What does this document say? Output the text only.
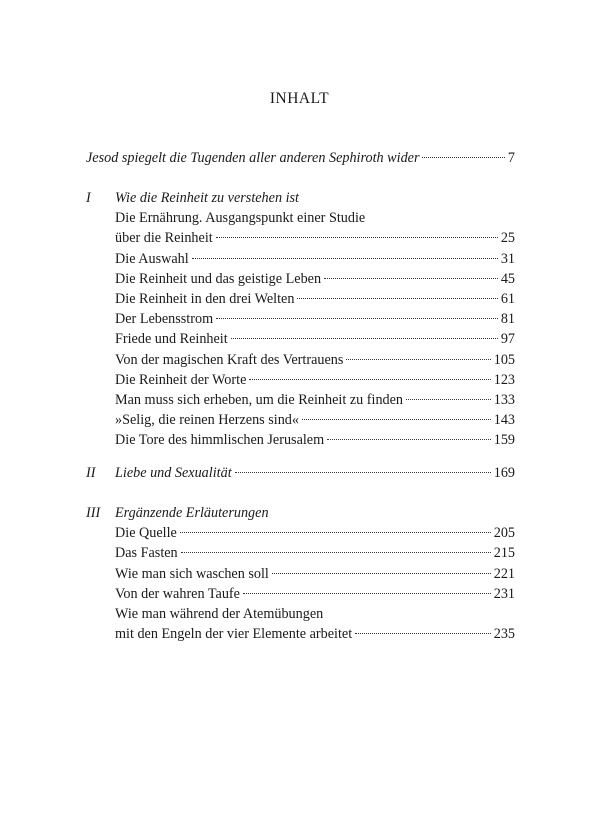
INHALT
Jesod spiegelt die Tugenden aller anderen Sephiroth wider	7
I Wie die Reinheit zu verstehen ist
Die Ernährung. Ausgangspunkt einer Studie
über die Reinheit	25
Die Auswahl	31
Die Reinheit und das geistige Leben	45
Die Reinheit in den drei Welten	61
Der Lebensstrom	81
Friede und Reinheit	97
Von der magischen Kraft des Vertrauens	105
Die Reinheit der Worte	123
Man muss sich erheben, um die Reinheit zu finden	133
»Selig, die reinen Herzens sind«	143
Die Tore des himmlischen Jerusalem	159
II Liebe und Sexualität	169
III Ergänzende Erläuterungen
Die Quelle	205
Das Fasten	215
Wie man sich waschen soll	221
Von der wahren Taufe	231
Wie man während der Atemübungen
mit den Engeln der vier Elemente arbeitet	235
